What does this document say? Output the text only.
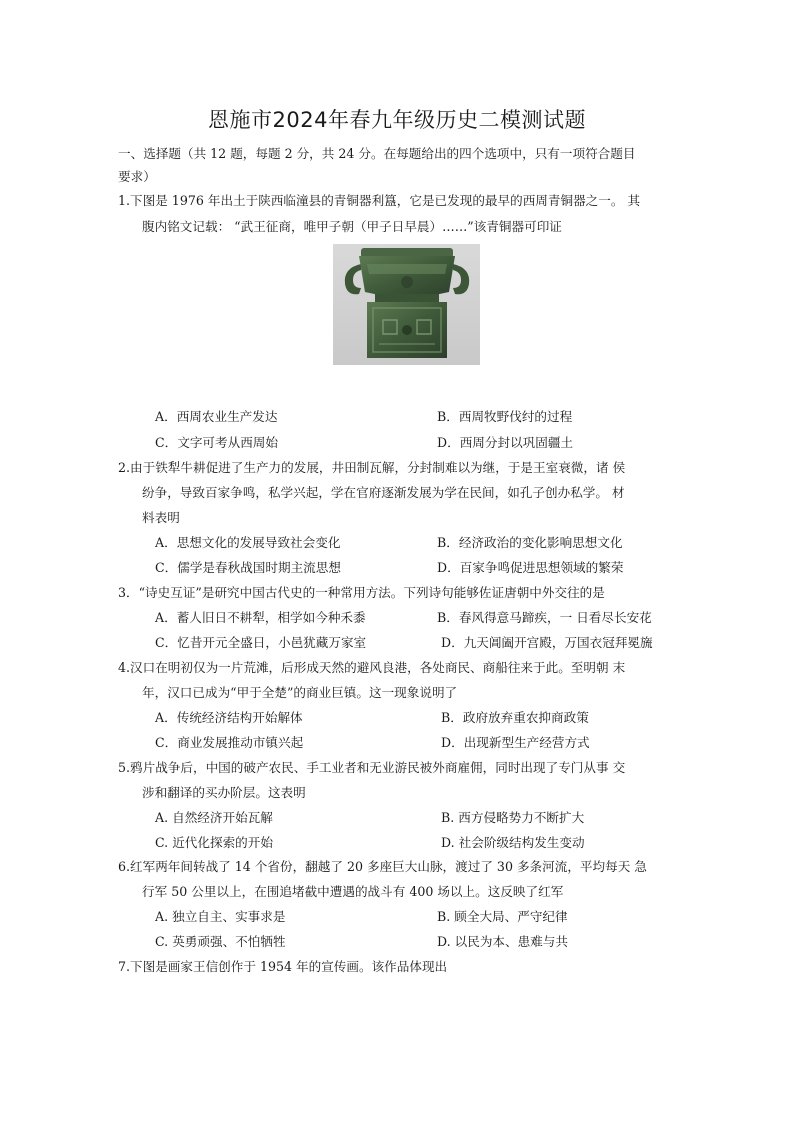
恩施市2024年春九年级历史二模测试题
一、选择题（共 12 题，每题 2 分，共 24 分。在每题给出的四个选项中，只有一项符合题目
要求）
1.下图是 1976 年出土于陕西临潼县的青铜器利簋，它是已发现的最早的西周青铜器之一。 其
腹内铭文记载： “武王征商，唯甲子朝（甲子日早晨）……”该青铜器可印证
A．西周农业生产发达	B．西周牧野伐纣的过程
C．文字可考从西周始	D．西周分封以巩固疆土
2.由于铁犁牛耕促进了生产力的发展，井田制瓦解，分封制难以为继，于是王室衰微，诸 侯
纷争，导致百家争鸣，私学兴起，学在官府逐渐发展为学在民间，如孔子创办私学。 材
料表明
A．思想文化的发展导致社会变化	B．经济政治的变化影响思想文化
C．儒学是春秋战国时期主流思想	D．百家争鸣促进思想领域的繁荣
3．“诗史互证”是研究中国古代史的一种常用方法。下列诗句能够佐证唐朝中外交往的是
A．蓄人旧日不耕犁，相学如今种禾黍	B．春风得意马蹄疾，一 日看尽长安花
C．忆昔开元全盛日，小邑犹藏万家室	D．九天阊阖开宫殿，万国衣冠拜冕旒
4.汉口在明初仅为一片荒滩，后形成天然的避风良港，各处商民、商船往来于此。至明朝 末
年，汉口已成为“甲于全楚”的商业巨镇。这一现象说明了
A．传统经济结构开始解体	B．政府放弃重农抑商政策
C．商业发展推动市镇兴起	D．出现新型生产经营方式
5.鸦片战争后，中国的破产农民、手工业者和无业游民被外商雇佣，同时出现了专门从事 交
涉和翻译的买办阶层。这表明
A. 自然经济开始瓦解	B. 西方侵略势力不断扩大
C. 近代化探索的开始	D. 社会阶级结构发生变动
6.红军两年间转战了 14 个省份，翻越了 20 多座巨大山脉，渡过了 30 多条河流，平均每天 急
行军 50 公里以上，在围追堵截中遭遇的战斗有 400 场以上。这反映了红军
A. 独立自主、实事求是	B. 顾全大局、严守纪律
C. 英勇顽强、不怕牺牲	D. 以民为本、患难与共
7.下图是画家王信创作于 1954 年的宣传画。该作品体现出
